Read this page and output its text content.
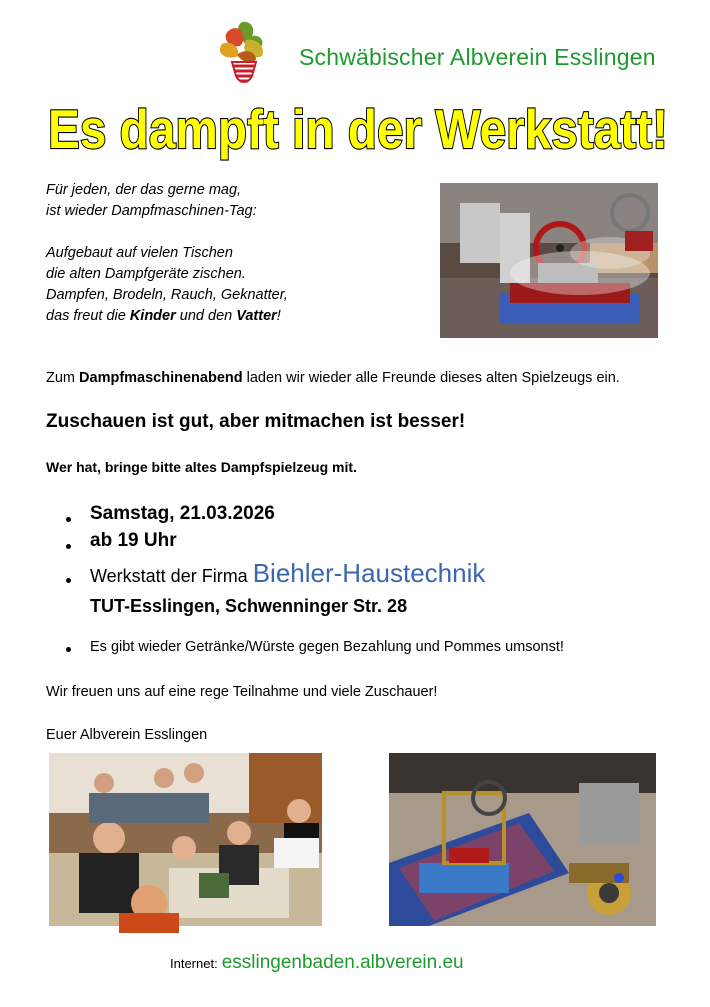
Schwäbischer Albverein Esslingen
Es dampft in der Werkstatt!
Für jeden, der das gerne mag,
ist wieder Dampfmaschinen-Tag:
Aufgebaut auf vielen Tischen
die alten Dampfgeräte zischen.
Dampfen, Brodeln, Rauch, Geknatter,
das freut die Kinder und den Vatter!
Zum Dampfmaschinenabend laden wir wieder alle Freunde dieses alten Spielzeugs ein.
Zuschauen ist gut, aber mitmachen ist besser!
Wer hat, bringe bitte altes Dampfspielzeug mit.
Samstag, 21.03.2026
ab 19 Uhr
Werkstatt der Firma Biehler-Haustechnik
TUT-Esslingen, Schwenninger Str. 28
Es gibt wieder Getränke/Würste gegen Bezahlung und Pommes umsonst!
Wir freuen uns auf eine rege Teilnahme und viele Zuschauer!
Euer Albverein Esslingen
Internet: esslingenbaden.albverein.eu
